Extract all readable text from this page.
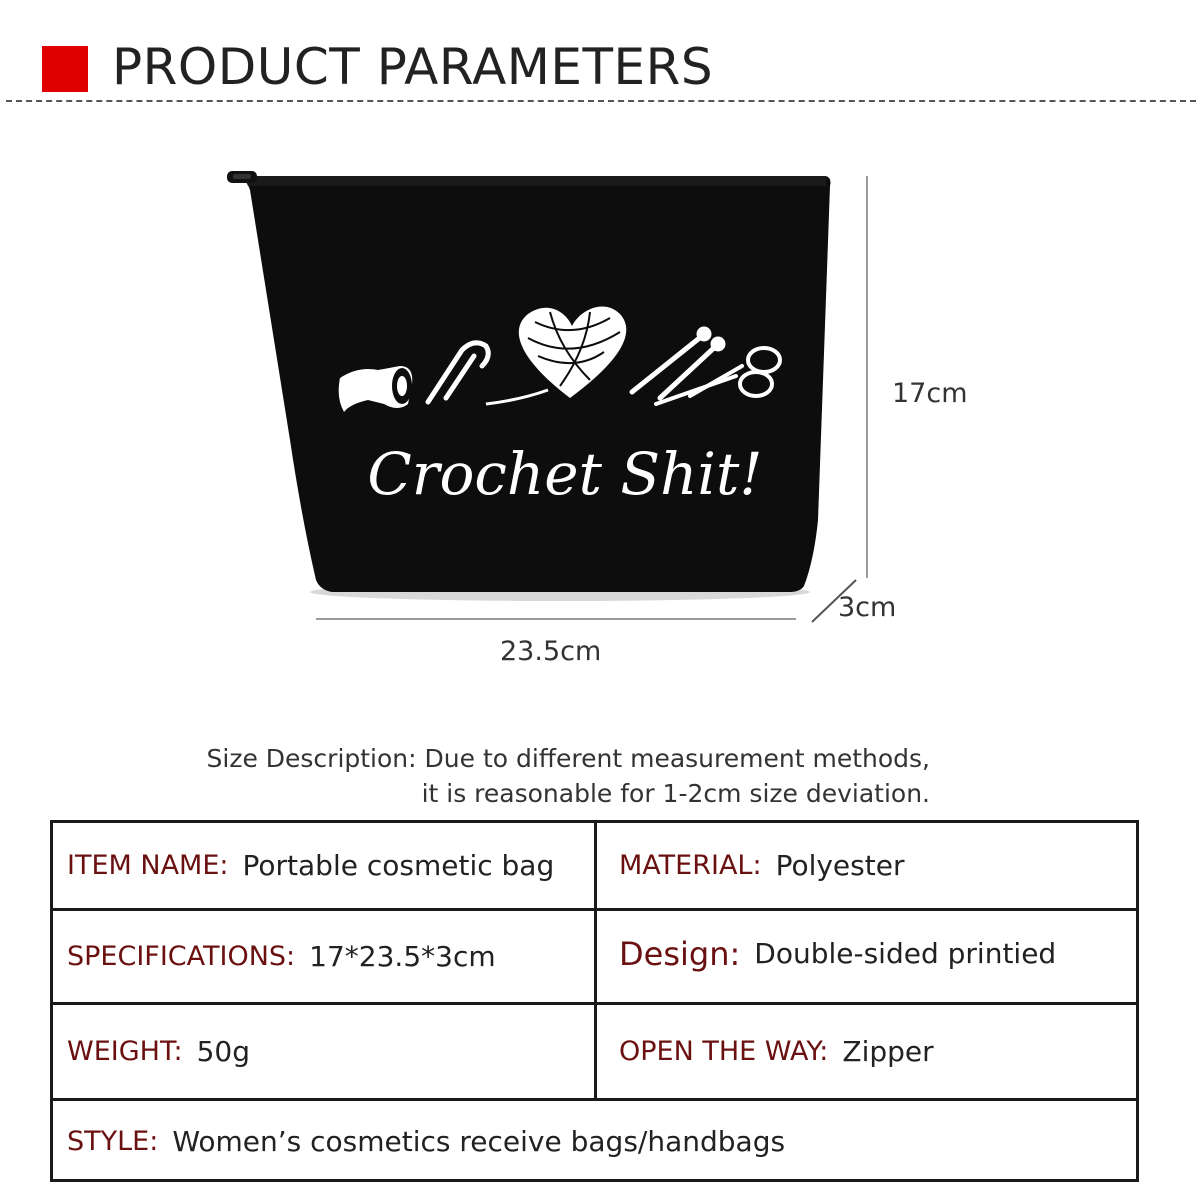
PRODUCT PARAMETERS
Crochet Shit!
17cm
3cm
23.5cm
Size Description: Due to different measurement methods,
it is reasonable for 1-2cm size deviation.
ITEM NAME: Portable cosmetic bag MATERIAL: Polyester
SPECIFICATIONS: 17*23.5*3cm	Design: Double-sided printied
WEIGHT: 50g	OPEN THE WAY: Zipper
STYLE: Women’s cosmetics receive bags/handbags
